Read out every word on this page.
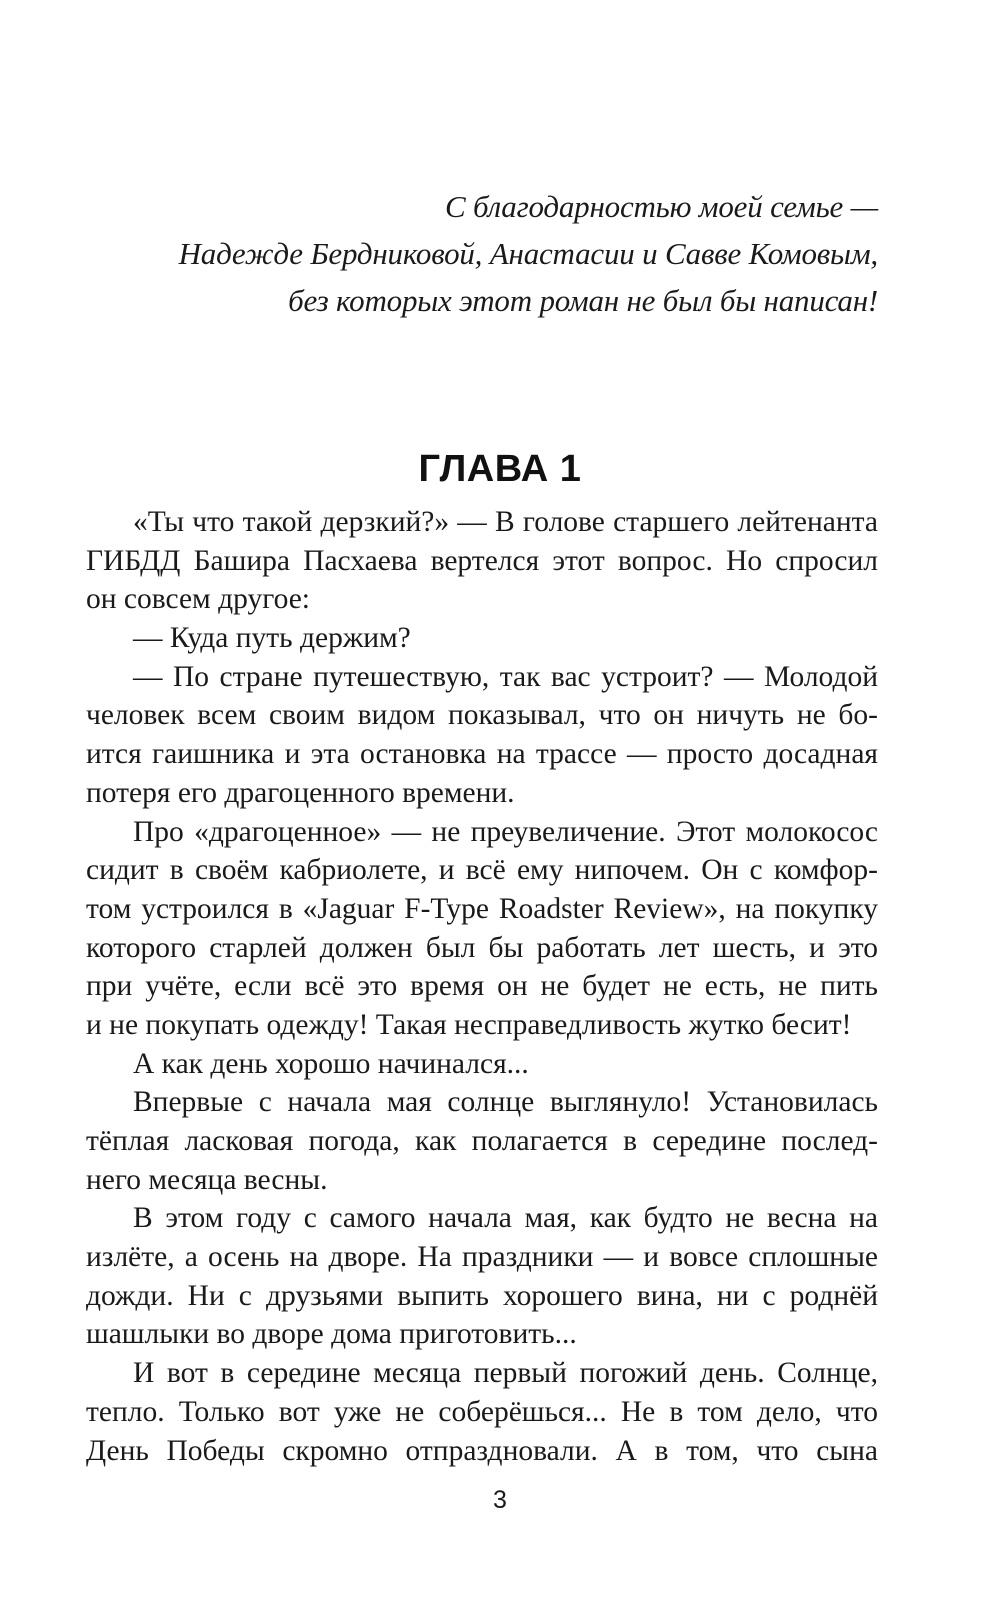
С благодарностью моей семье —
Надежде Бердниковой, Анастасии и Савве Комовым,
без которых этот роман не был бы написан!
ГЛАВА 1
«Ты что такой дерзкий?» — В голове старшего лейтенанта
ГИБДД Башира Пасхаева вертелся этот вопрос. Но спросил
он совсем другое:
— Куда путь держим?
— По стране путешествую, так вас устроит? — Молодой
человек всем своим видом показывал, что он ничуть не бо-
ится гаишника и эта остановка на трассе — просто досадная
потеря его драгоценного времени.
Про «драгоценное» — не преувеличение. Этот молокосос
сидит в своём кабриолете, и всё ему нипочем. Он с комфор-
том устроился в «Jaguar F-Type Roadster Review», на покупку
которого старлей должен был бы работать лет шесть, и это
при учёте, если всё это время он не будет не есть, не пить
и не покупать одежду! Такая несправедливость жутко бесит!
А как день хорошо начинался...
Впервые с начала мая солнце выглянуло! Установилась
тёплая ласковая погода, как полагается в середине послед-
него месяца весны.
В этом году с самого начала мая, как будто не весна на
излёте, а осень на дворе. На праздники — и вовсе сплошные
дожди. Ни с друзьями выпить хорошего вина, ни с роднёй
шашлыки во дворе дома приготовить...
И вот в середине месяца первый погожий день. Солнце,
тепло. Только вот уже не соберёшься... Не в том дело, что
День Победы скромно отпраздновали. А в том, что сына
3
